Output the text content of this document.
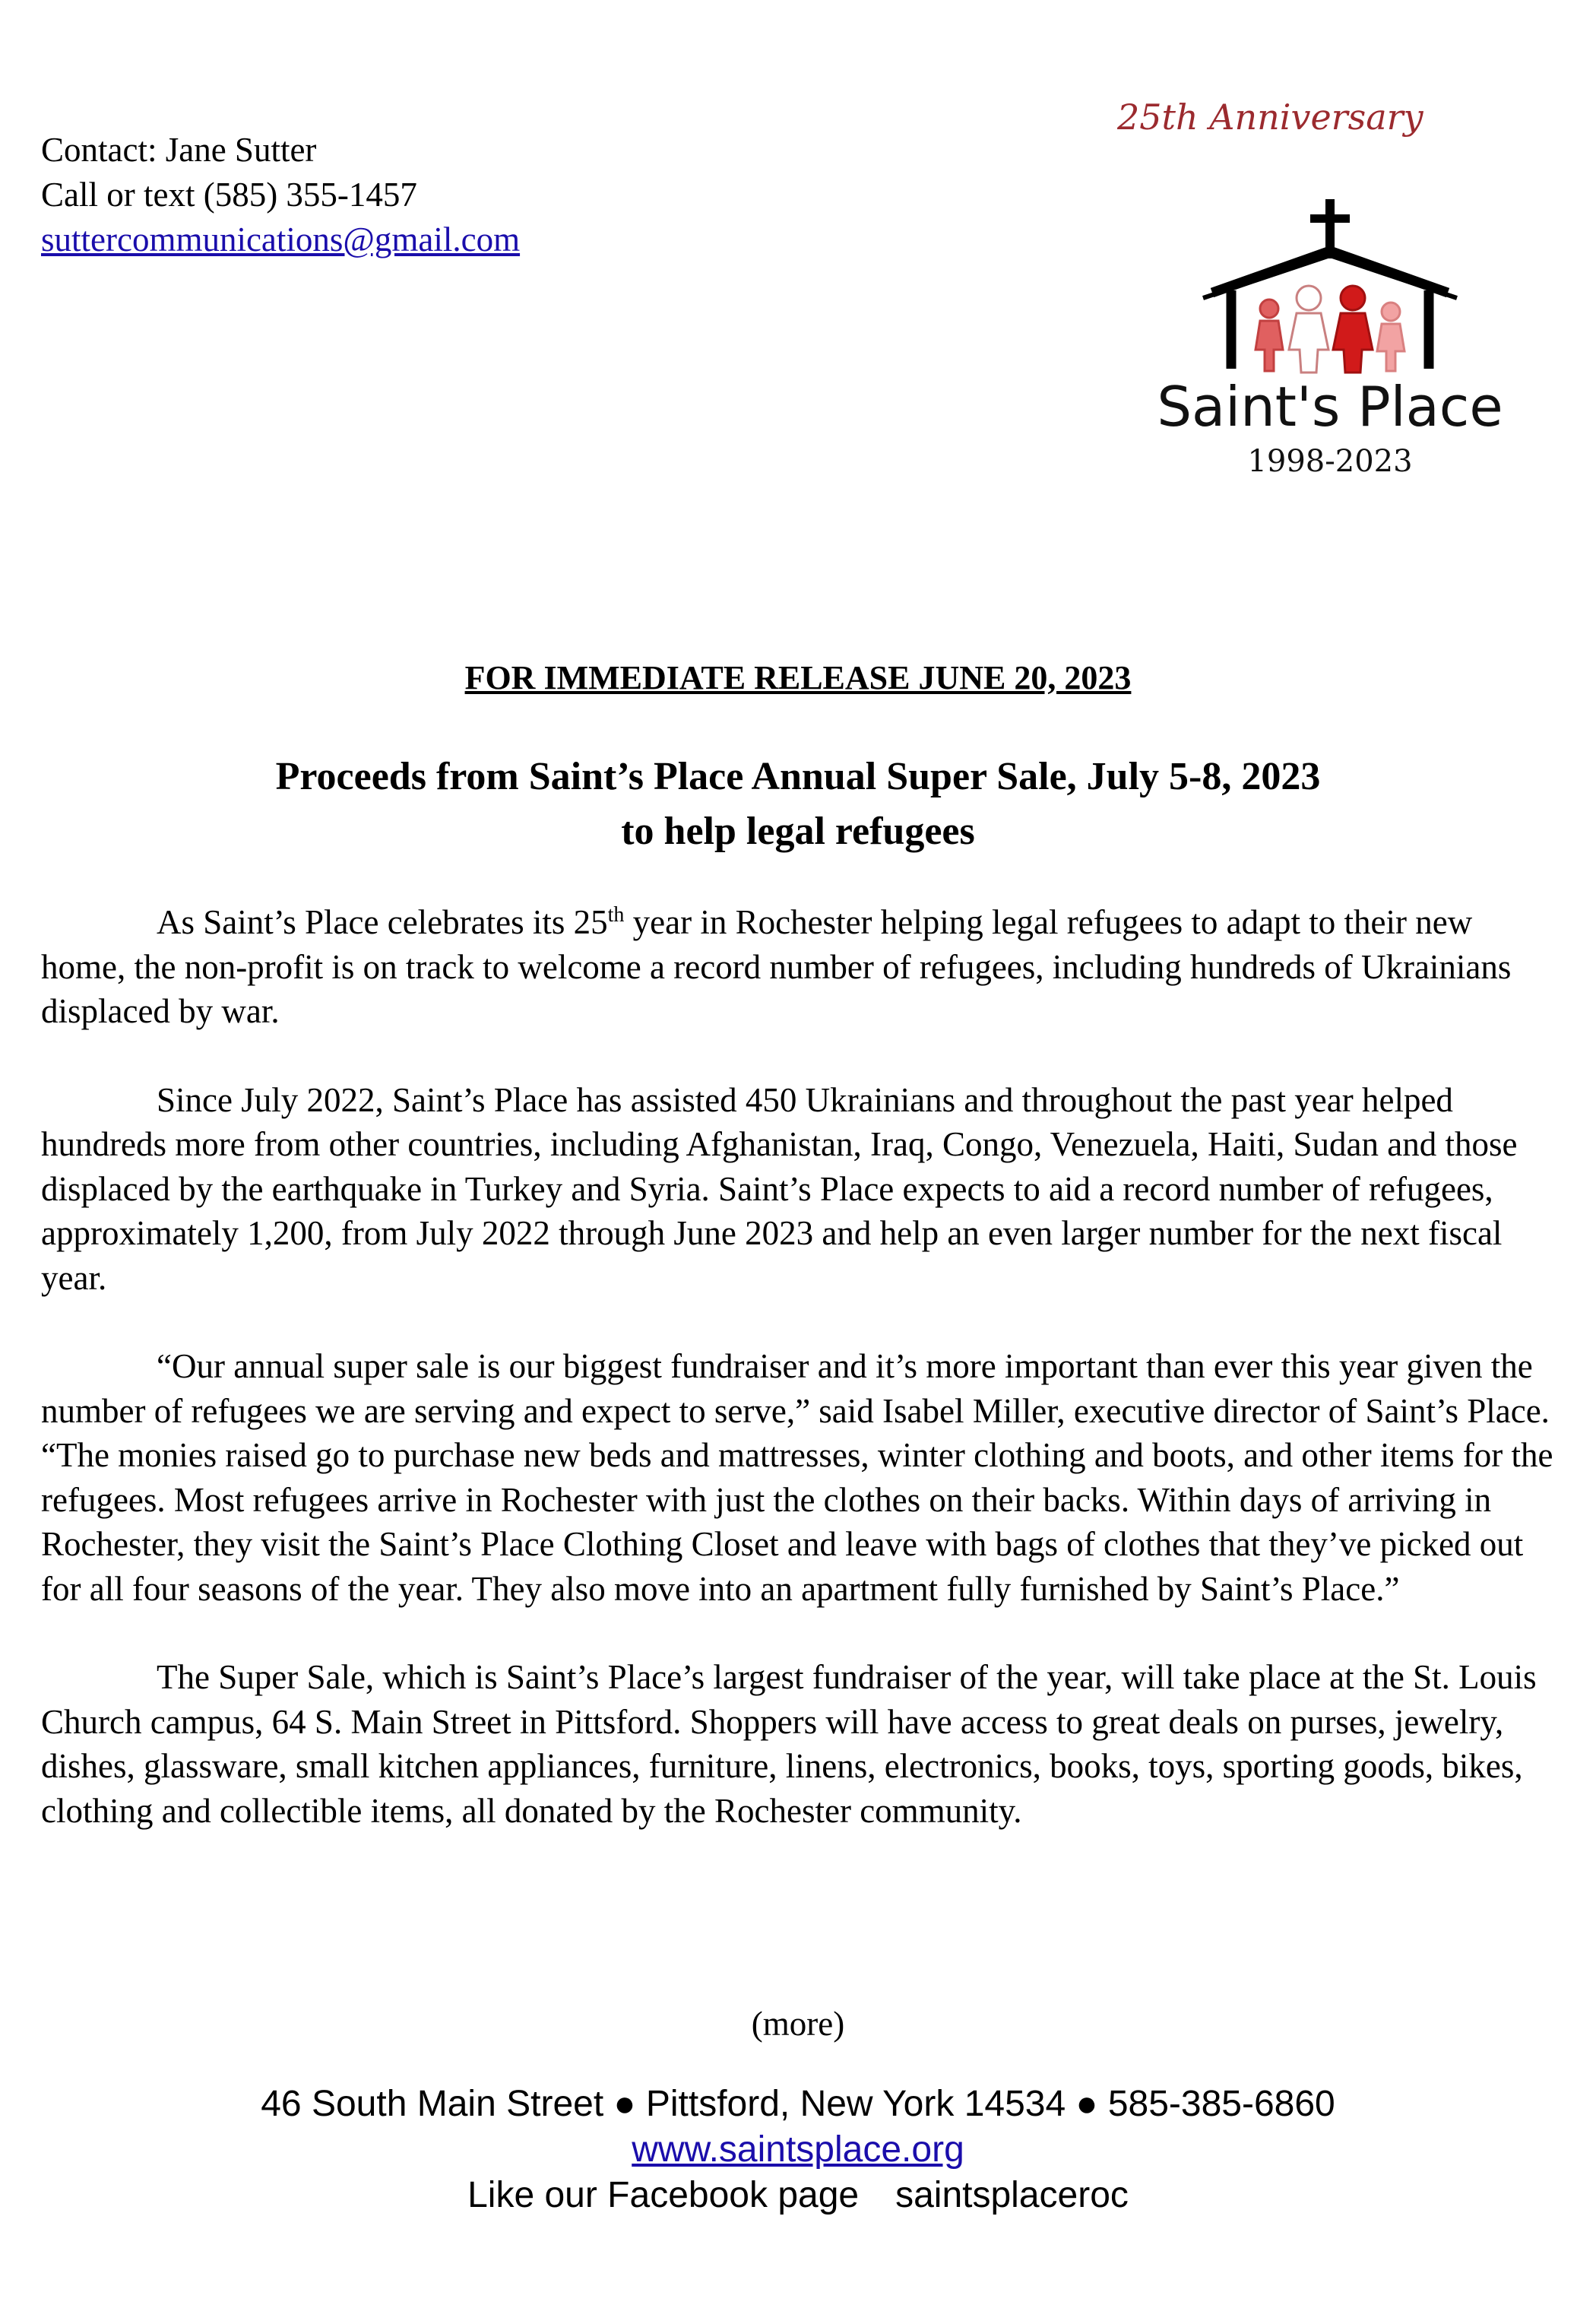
Contact: Jane Sutter
Call or text (585) 355-1457
suttercommunications@gmail.com
25th Anniversary
Saint's Place
1998-2023
FOR IMMEDIATE RELEASE JUNE 20, 2023
Proceeds from Saint’s Place Annual Super Sale, July 5-8, 2023
to help legal refugees

As Saint’s Place celebrates its 25th year in Rochester helping legal refugees to adapt to their new home, the non-profit is on track to welcome a record number of refugees, including hundreds of Ukrainians displaced by war.

Since July 2022, Saint’s Place has assisted 450 Ukrainians and throughout the past year helped hundreds more from other countries, including Afghanistan, Iraq, Congo, Venezuela, Haiti, Sudan and those displaced by the earthquake in Turkey and Syria. Saint’s Place expects to aid a record number of refugees, approximately 1,200, from July 2022 through June 2023 and help an even larger number for the next fiscal year.

“Our annual super sale is our biggest fundraiser and it’s more important than ever this year given the number of refugees we are serving and expect to serve,” said Isabel Miller, executive director of Saint’s Place. “The monies raised go to purchase new beds and mattresses, winter clothing and boots, and other items for the refugees. Most refugees arrive in Rochester with just the clothes on their backs. Within days of arriving in Rochester, they visit the Saint’s Place Clothing Closet and leave with bags of clothes that they’ve picked out for all four seasons of the year. They also move into an apartment fully furnished by Saint’s Place.”

The Super Sale, which is Saint’s Place’s largest fundraiser of the year, will take place at the St. Louis Church campus, 64 S. Main Street in Pittsford. Shoppers will have access to great deals on purses, jewelry, dishes, glassware, small kitchen appliances, furniture, linens, electronics, books, toys, sporting goods, bikes, clothing and collectible items, all donated by the Rochester community.

(more)
46 South Main Street ● Pittsford, New York 14534 ● 585-385-6860
www.saintsplace.org
Like our Facebook page saintsplaceroc
